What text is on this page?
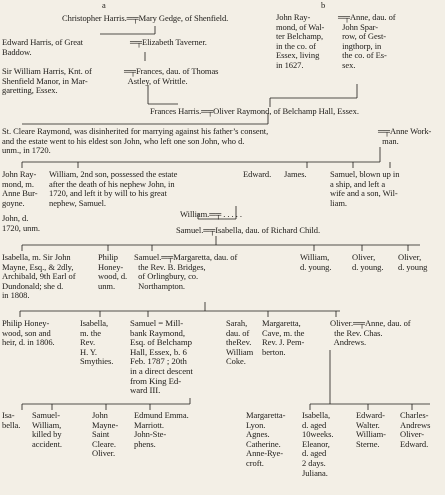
a	b
Christopher Harris.═╤Mary Gedge, of Shenfield.	John Ray-
mond, of Wal-
ter Belchamp,
in the co. of
Essex, living
in 1627.
═╤Anne, dau. of
John Spar-
row, of Gest-
ingthorp, in
the co. of Es-
sex.
Edward Harris, of Great
Baddow.
═╤Elizabeth Taverner.
Sir William Harris, Knt. of
Shenfield Manor, in Mar-
garetting, Essex.
═╤Frances, dau. of Thomas
Astley, of Writtle.
Frances Harris.═╤Oliver Raymond, of Belchamp Hall, Essex.
St. Cleare Raymond, was disinherited for marrying against his father’s consent,
and the estate went to his eldest son John, who left one son John, who d.
unm., in 1720.
═╤Anne Work-
man.
John Ray-
mond, m.
Anne Bur-
goyne.
William, 2nd son, possessed the estate
after the death of his nephew John, in
1720, and left it by will to his great
nephew, Samuel.
Edward. James.	Samuel, blown up in
a ship, and left a
wife and a son, Wil-
liam.
William.═╤ . . . . .
John, d.
1720, unm.	Samuel.═╤Isabella, dau. of Richard Child.
Isabella, m. Sir John
Mayne, Esq., & 2dly,
Archibald, 9th Earl of
Dundonald; she d.
in 1808.
Philip
Honey-
wood, d.
unm.
Samuel.═╤Margaretta, dau. of
the Rev. B. Bridges,
of Orlingbury, co.
Northampton.
William,
d. young.
Oliver,
d. young.
Oliver,
d. young
Philip Honey-
wood, son and
heir, d. in 1806.
Isabella,
m. the
Rev.
H. Y.
Smythies.
Samuel = Mill-
bank Raymond,
Esq. of Belchamp
Hall, Essex, b. 6
Feb. 1787 ; 20th
in a direct descent
from King Ed-
ward III.
Sarah,
dau. of
theRev.
William
Coke.
Margaretta,
Cave, m. the
Rev. J. Pem-
berton.
Oliver.═╤Anne, dau. of
the Rev. Chas.
Andrews.
Isa-
bella.
Samuel-
William,
killed by
accident.
John
Mayne-
Saint
Cleare.
Oliver.
Edmund Emma.
Marriott.
John-Ste-
phens.
Margaretta-
Lyon.
Agnes.
Catherine.
Anne-Rye-
croft.
Isabella,
d. aged
10weeks.
Eleanor,
d. aged
2 days.
Juliana.
Edward-
Walter.
William-
Sterne.
Charles-
Andrews
Oliver-
Edward.
